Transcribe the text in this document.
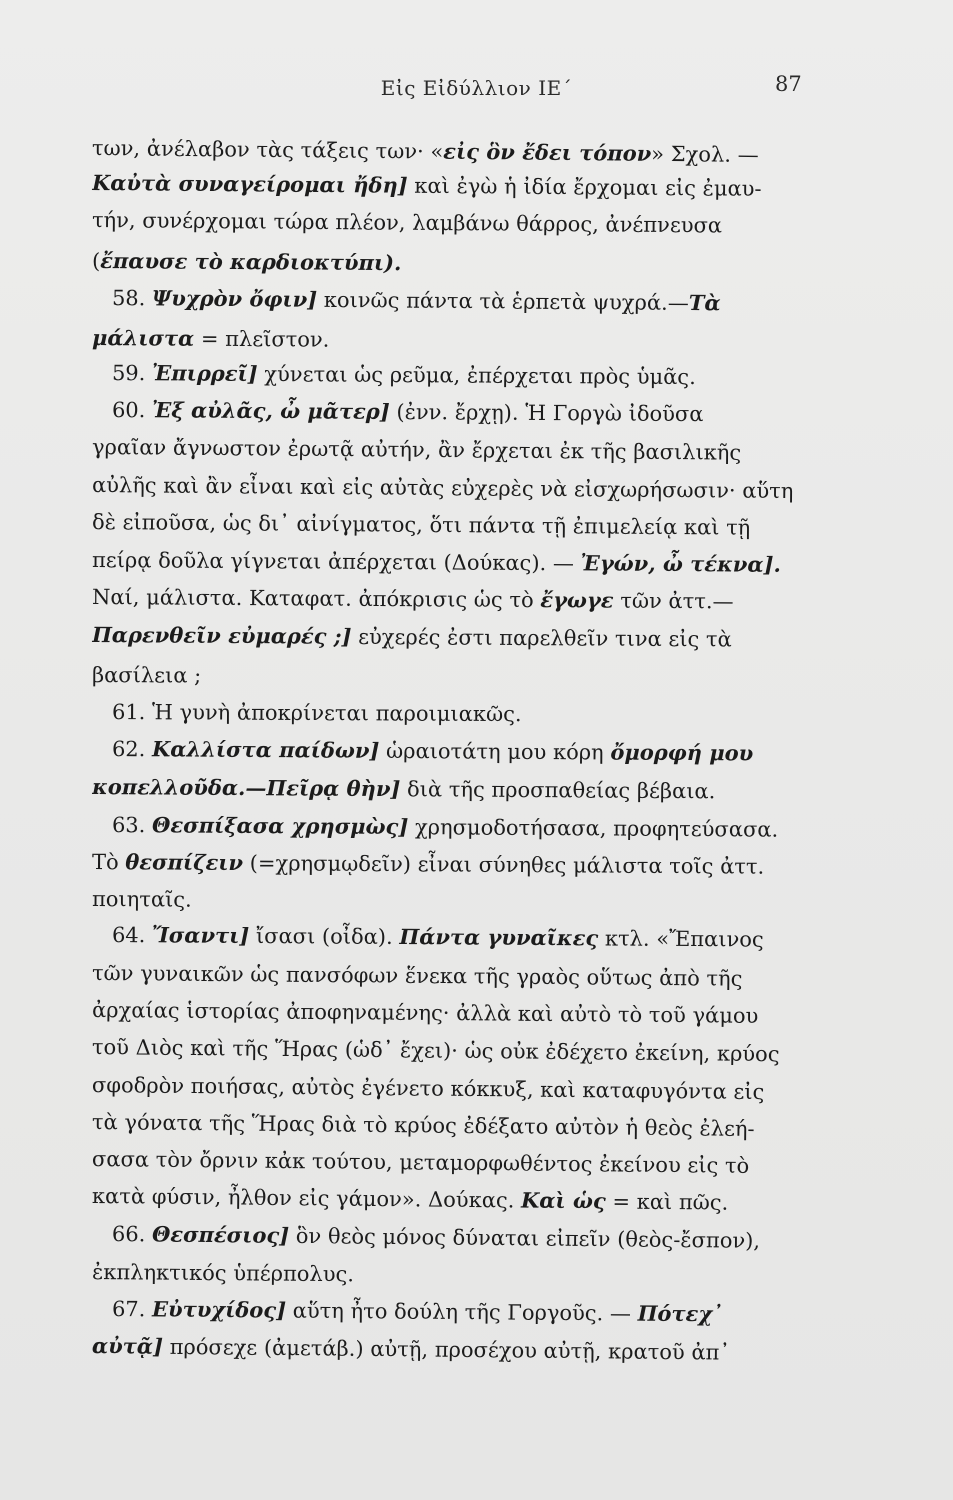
Εἰς Εἰδύλλιον ΙΕ΄	87
των, ἀνέλαβον τὰς τάξεις των· «εἰς ὃν ἔδει τόπον» Σχολ. —
Καὐτὰ συναγείρομαι ἤδη] καὶ ἐγὼ ἡ ἰδία ἔρχομαι εἰς ἐμαυ-
τήν, συνέρχομαι τώρα πλέον, λαμβάνω θάρρος, ἀνέπνευσα
(ἔπαυσε τὸ καρδιοκτύπι).
58. Ψυχρὸν ὄφιν] κοινῶς πάντα τὰ ἑρπετὰ ψυχρά.—Τὰ
μάλιστα = πλεῖστον.
59. Ἐπιρρεῖ] χύνεται ὡς ρεῦμα, ἐπέρχεται πρὸς ὑμᾶς.
60. Ἐξ αὐλᾶς, ὦ μᾶτερ] (ἐνν. ἔρχῃ). Ἡ Γοργὼ ἰδοῦσα
γραῖαν ἄγνωστον ἐρωτᾷ αὐτήν, ἂν ἔρχεται ἐκ τῆς βασιλικῆς
αὐλῆς καὶ ἂν εἶναι καὶ εἰς αὐτὰς εὐχερὲς νὰ εἰσχωρήσωσιν· αὕτη
δὲ εἰποῦσα, ὡς δι᾽ αἰνίγματος, ὅτι πάντα τῇ ἐπιμελείᾳ καὶ τῇ
πείρᾳ δοῦλα γίγνεται ἀπέρχεται (Δούκας). — Ἐγών, ὦ τέκνα].
Ναί, μάλιστα. Καταφατ. ἀπόκρισις ὡς τὸ ἔγωγε τῶν ἀττ.—
Παρενθεῖν εὐμαρές ;] εὐχερές ἐστι παρελθεῖν τινα εἰς τὰ
βασίλεια ;
61. Ἡ γυνὴ ἀποκρίνεται παροιμιακῶς.
62. Καλλίστα παίδων] ὡραιοτάτη μου κόρη ὄμορφή μου
κοπελλοῦδα.—Πεῖρᾳ θὴν] διὰ τῆς προσπαθείας βέβαια.
63. Θεσπίξασα χρησμὼς] χρησμοδοτήσασα, προφητεύσασα.
Τὸ θεσπίζειν (=χρησμῳδεῖν) εἶναι σύνηθες μάλιστα τοῖς ἀττ.
ποιηταῖς.
64. Ἴσαντι] ἴσασι (οἶδα). Πάντα γυναῖκες κτλ. «Ἔπαινος
τῶν γυναικῶν ὡς πανσόφων ἕνεκα τῆς γραὸς οὕτως ἀπὸ τῆς
ἀρχαίας ἱστορίας ἀποφηναμένης· ἀλλὰ καὶ αὐτὸ τὸ τοῦ γάμου
τοῦ Διὸς καὶ τῆς Ἥρας (ὡδ᾽ ἔχει)· ὡς οὐκ ἐδέχετο ἐκείνη, κρύος
σφοδρὸν ποιήσας, αὐτὸς ἐγένετο κόκκυξ, καὶ καταφυγόντα εἰς
τὰ γόνατα τῆς Ἥρας διὰ τὸ κρύος ἐδέξατο αὐτὸν ἡ θεὸς ἐλεή-
σασα τὸν ὄρνιν κἀκ τούτου, μεταμορφωθέντος ἐκείνου εἰς τὸ
κατὰ φύσιν, ἦλθον εἰς γάμον». Δούκας. Καὶ ὡς = καὶ πῶς.
66. Θεσπέσιος] ὃν θεὸς μόνος δύναται εἰπεῖν (θεὸς-ἔσπον),
ἐκπληκτικός ὑπέρπολυς.
67. Εὐτυχίδος] αὕτη ἦτο δούλη τῆς Γοργοῦς. — Πότεχ᾽
αὐτᾷ] πρόσεχε (ἀμετάβ.) αὐτῇ, προσέχου αὐτῇ, κρατοῦ ἀπ᾽
